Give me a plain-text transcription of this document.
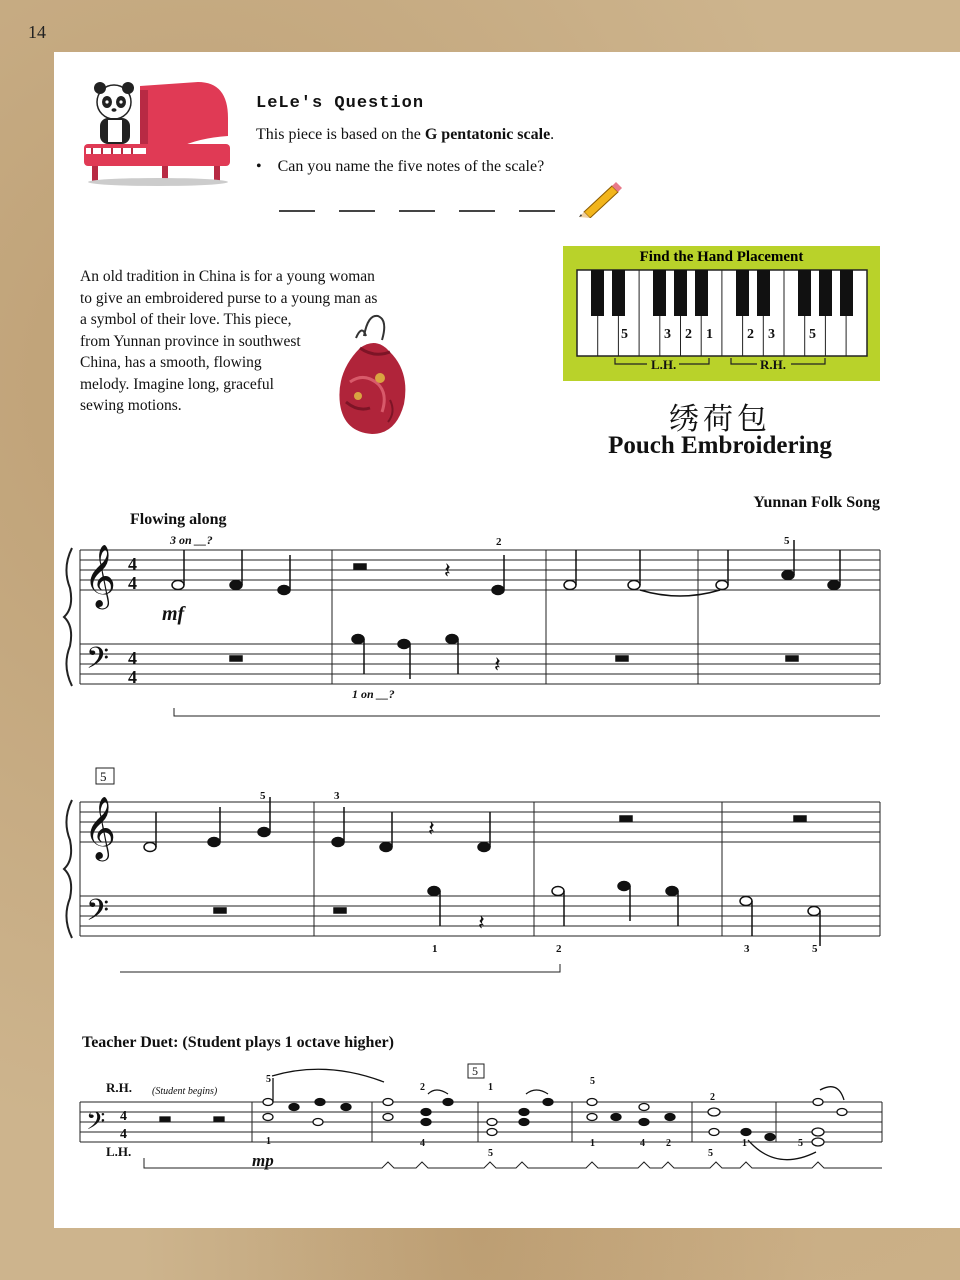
14
LeLe's Question
This piece is based on the G pentatonic scale.
• Can you name the five notes of the scale?
An old tradition in China is for a young woman
to give an embroidered purse to a young man as
a symbol of their love. This piece,
from Yunnan province in southwest
China, has a smooth, flowing
melody. Imagine long, graceful
sewing motions.
Find the Hand Placement
5	3 2 1 2 3 5
L.H.	R.H.
绣荷包
Pouch Embroidering
Yunnan Folk Song
Flowing along
𝄞
𝄢
4
4
4
4
𝄽
𝄽
2	5
3 on __?
1 on __?
mf
5
𝄞
𝄢
𝄽
𝄽
5	3
1	2	3	5
Teacher Duet: (Student plays 1 octave higher)
R.H.
L.H.
(Student begins)
5
𝄢 4
4
5
1
2
4
1
5
5
1	4 2
2
5
1	5
mp
